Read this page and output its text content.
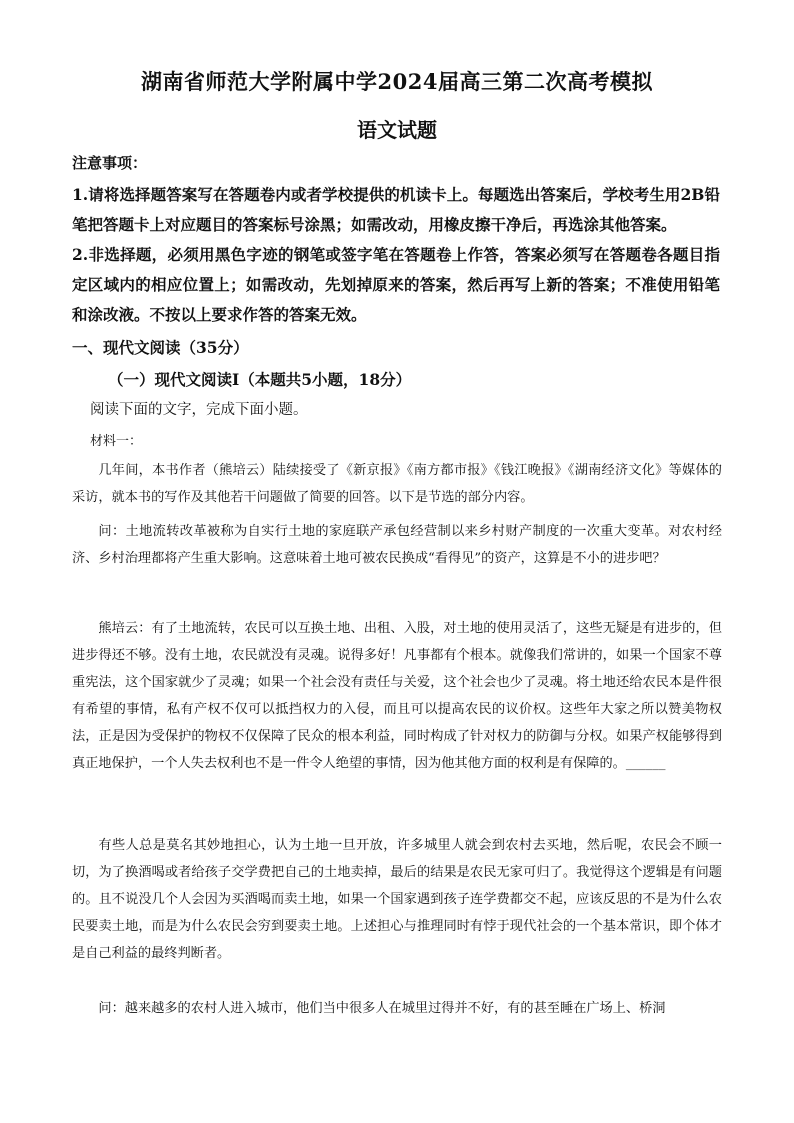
湖南省师范大学附属中学2024届高三第二次高考模拟
语文试题
注意事项：

1.请将选择题答案写在答题卷内或者学校提供的机读卡上。每题选出答案后，学校考生用2B铅笔把答题卡上对应题目的答案标号涂黑；如需改动，用橡皮擦干净后，再选涂其他答案。

2.非选择题，必须用黑色字迹的钢笔或签字笔在答题卷上作答，答案必须写在答题卷各题目指定区域内的相应位置上；如需改动，先划掉原来的答案，然后再写上新的答案；不准使用铅笔和涂改液。不按以上要求作答的答案无效。

一、现代文阅读（35分）
（一）现代文阅读Ⅰ（本题共5小题，18分）
阅读下面的文字，完成下面小题。
材料一：

几年间，本书作者（熊培云）陆续接受了《新京报》《南方都市报》《钱江晚报》《湖南经济文化》等媒体的采访，就本书的写作及其他若干问题做了简要的回答。以下是节选的部分内容。

问：土地流转改革被称为自实行土地的家庭联产承包经营制以来乡村财产制度的一次重大变革。对农村经济、乡村治理都将产生重大影响。这意味着土地可被农民换成“看得见”的资产，这算是不小的进步吧？

熊培云：有了土地流转，农民可以互换土地、出租、入股，对土地的使用灵活了，这些无疑是有进步的，但进步得还不够。没有土地，农民就没有灵魂。说得多好！凡事都有个根本。就像我们常讲的，如果一个国家不尊重宪法，这个国家就少了灵魂；如果一个社会没有责任与关爱，这个社会也少了灵魂。将土地还给农民本是件很有希望的事情，私有产权不仅可以抵挡权力的入侵，而且可以提高农民的议价权。这些年大家之所以赞美物权法，正是因为受保护的物权不仅保障了民众的根本利益，同时构成了针对权力的防御与分权。如果产权能够得到真正地保护，一个人失去权利也不是一件令人绝望的事情，因为他其他方面的权利是有保障的。______

有些人总是莫名其妙地担心，认为土地一旦开放，许多城里人就会到农村去买地，然后呢，农民会不顾一切，为了换酒喝或者给孩子交学费把自己的土地卖掉，最后的结果是农民无家可归了。我觉得这个逻辑是有问题的。且不说没几个人会因为买酒喝而卖土地，如果一个国家遇到孩子连学费都交不起，应该反思的不是为什么农民要卖土地，而是为什么农民会穷到要卖土地。上述担心与推理同时有悖于现代社会的一个基本常识，即个体才是自己利益的最终判断者。

问：越来越多的农村人进入城市，他们当中很多人在城里过得并不好，有的甚至睡在广场上、桥洞
